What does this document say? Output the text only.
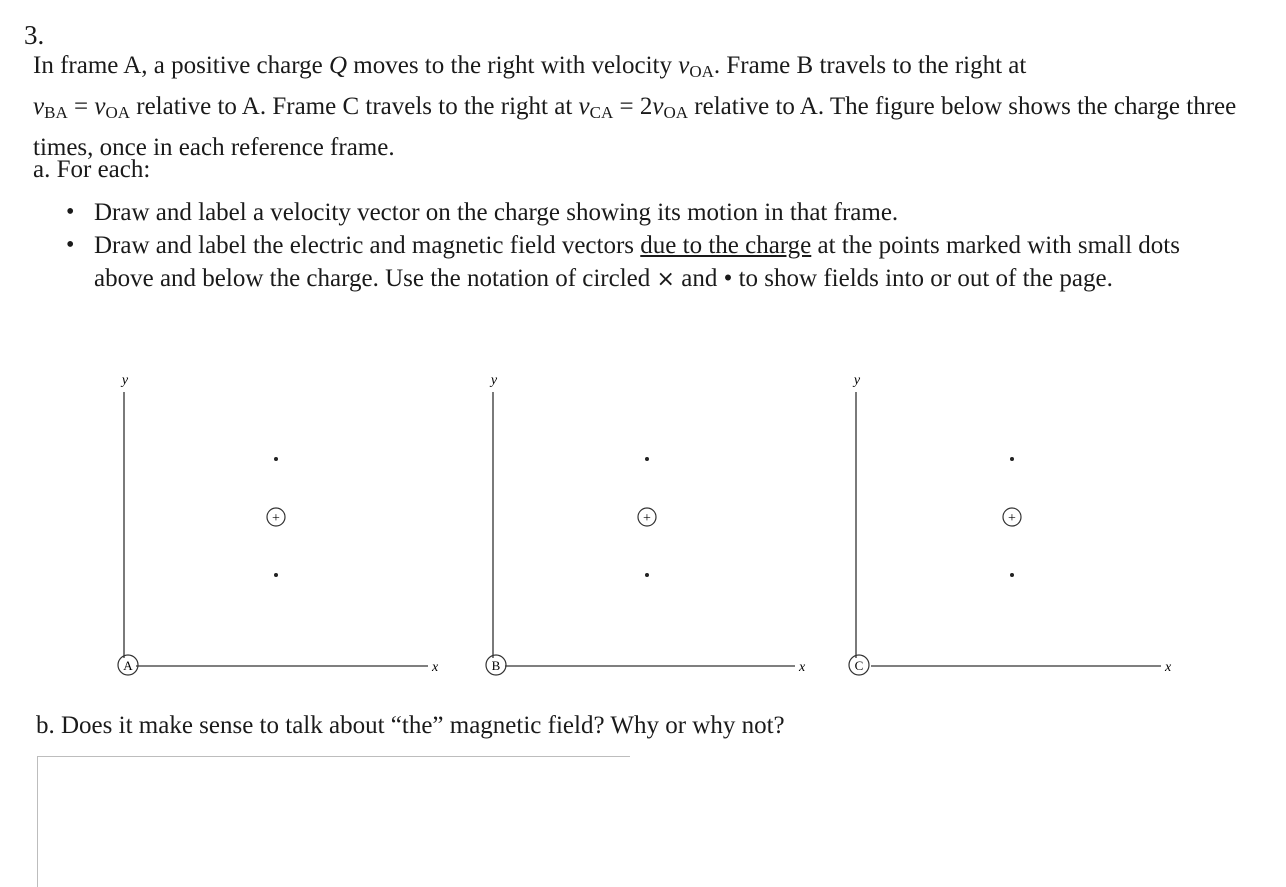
3.
In frame A, a positive charge Q moves to the right with velocity $v_{OA}$. Frame B travels to the right at
$v_{BA} = v_{OA}$ relative to A. Frame C travels to the right at $v_{CA} = 2v_{OA}$ relative to A. The figure below shows the charge three times, once in each reference frame.
a. For each:
• Draw and label a velocity vector on the charge showing its motion in that frame.
• Draw and label the electric and magnetic field vectors due to the charge at the points marked with small dots above and below the charge. Use the notation of circled × and • to show fields into or out of the page.
y
x
A
+
y
x
B
+
y
x
C
+
b. Does it make sense to talk about “the” magnetic field? Why or why not?
